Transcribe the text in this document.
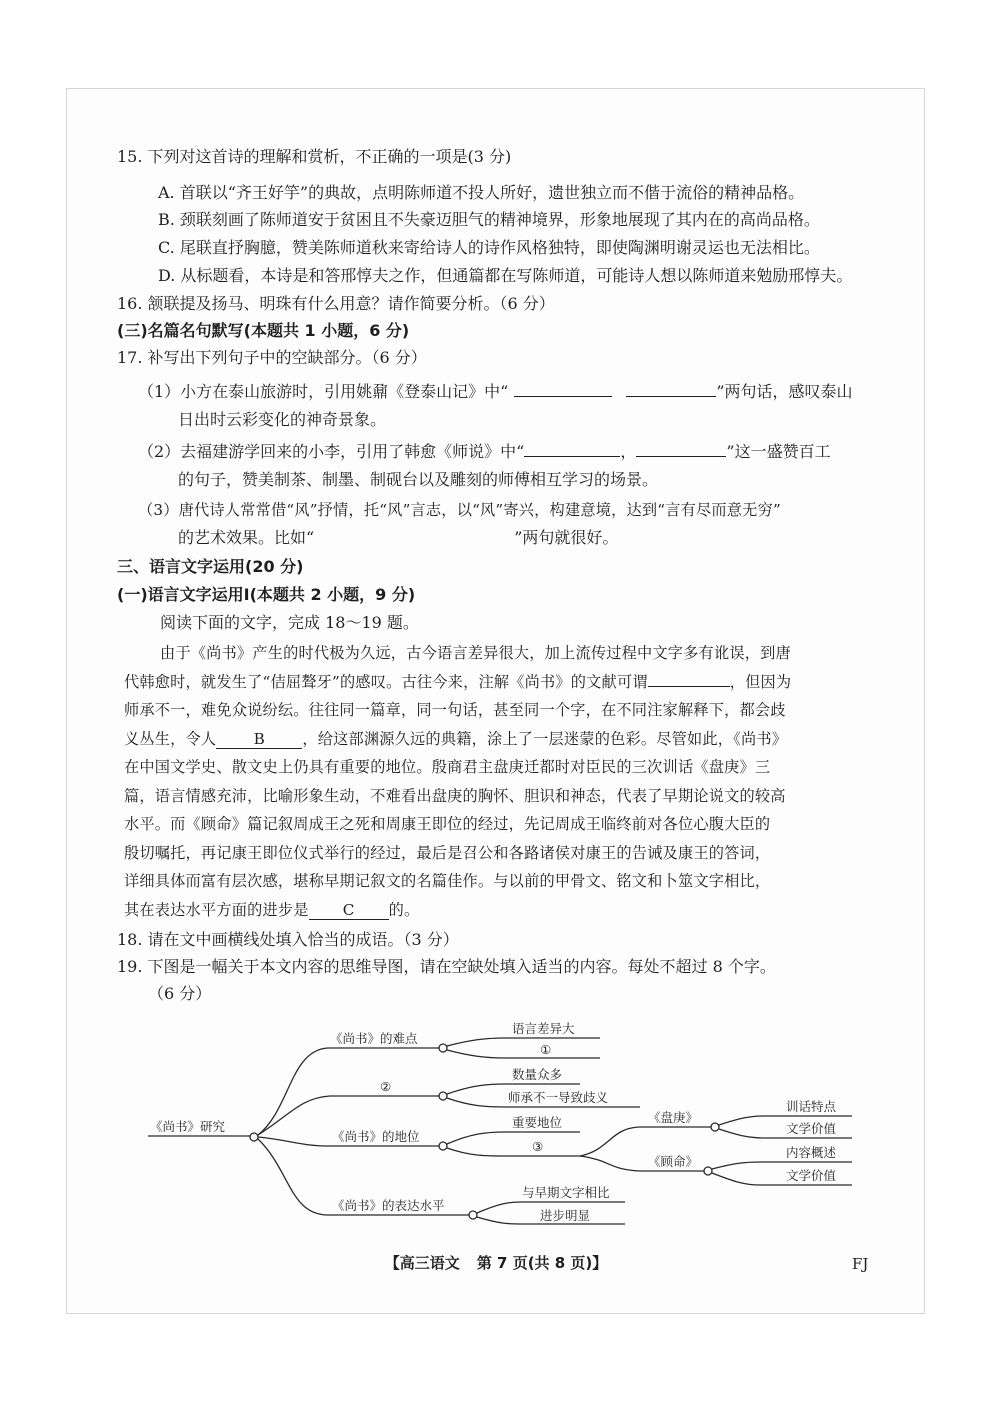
15. 下列对这首诗的理解和赏析，不正确的一项是(3 分)
A. 首联以“齐王好竽”的典故，点明陈师道不投人所好，遗世独立而不偕于流俗的精神品格。
B. 颈联刻画了陈师道安于贫困且不失豪迈胆气的精神境界，形象地展现了其内在的高尚品格。
C. 尾联直抒胸臆，赞美陈师道秋来寄给诗人的诗作风格独特，即使陶渊明谢灵运也无法相比。
D. 从标题看，本诗是和答邢惇夫之作，但通篇都在写陈师道，可能诗人想以陈师道来勉励邢惇夫。
16. 颔联提及扬马、明珠有什么用意？请作简要分析。（6 分）
(三)名篇名句默写(本题共 1 小题，6 分)
17. 补写出下列句子中的空缺部分。（6 分）
（1）小方在泰山旅游时，引用姚鼐《登泰山记》中“	”两句话，感叹泰山
日出时云彩变化的神奇景象。
（2）去福建游学回来的小李，引用了韩愈《师说》中“	，	”这一盛赞百工
的句子，赞美制茶、制墨、制砚台以及雕刻的师傅相互学习的场景。
（3）唐代诗人常常借“风”抒情，托“风”言志，以“风”寄兴，构建意境，达到“言有尽而意无穷”
的艺术效果。比如“	”两句就很好。
三、语言文字运用(20 分)
(一)语言文字运用Ⅰ(本题共 2 小题，9 分)
阅读下面的文字，完成 18～19 题。
由于《尚书》产生的时代极为久远，古今语言差异很大，加上流传过程中文字多有讹误，到唐
代韩愈时，就发生了“佶屈聱牙”的感叹。古往今来，注解《尚书》的文献可谓	，但因为
师承不一，难免众说纷纭。往往同一篇章，同一句话，甚至同一个字，在不同注家解释下，都会歧
义丛生，令人 B ，给这部渊源久远的典籍，涂上了一层迷蒙的色彩。尽管如此，《尚书》
在中国文学史、散文史上仍具有重要的地位。殷商君主盘庚迁都时对臣民的三次训话《盘庚》三
篇，语言情感充沛，比喻形象生动，不难看出盘庚的胸怀、胆识和神态，代表了早期论说文的较高
水平。而《顾命》篇记叙周成王之死和周康王即位的经过，先记周成王临终前对各位心腹大臣的
殷切嘱托，再记康王即位仪式举行的经过，最后是召公和各路诸侯对康王的告诫及康王的答词，
详细具体而富有层次感，堪称早期记叙文的名篇佳作。与以前的甲骨文、铭文和卜筮文字相比，
其在表达水平方面的进步是 C 的。
18. 请在文中画横线处填入恰当的成语。（3 分）
19. 下图是一幅关于本文内容的思维导图，请在空缺处填入适当的内容。每处不超过 8 个字。
（6 分）
《尚书》研究
《尚书》的难点
②
《尚书》的地位
《尚书》的表达水平
语言差异大
①
数量众多
师承不一导致歧义
重要地位
③
《盘庚》
《顾命》
训话特点
文学价值
内容概述
文学价值
与早期文字相比
进步明显
【高三语文 第 7 页(共 8 页)】	FJ
